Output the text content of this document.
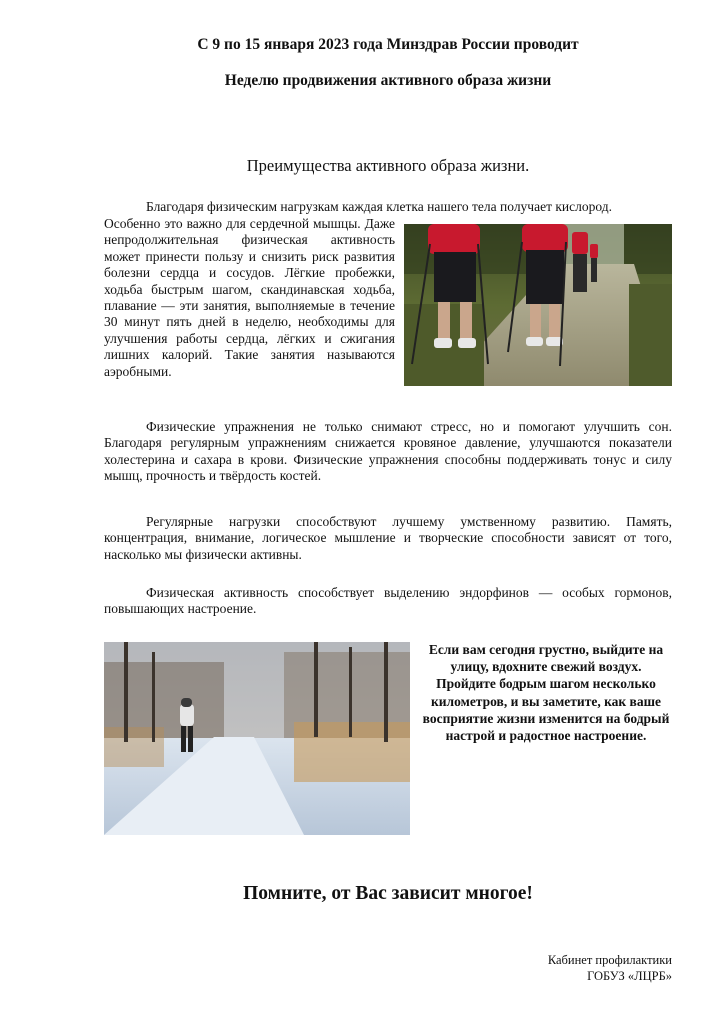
С 9 по 15 января 2023 года Минздрав России проводит
Неделю продвижения активного образа жизни
Преимущества активного образа жизни.

Благодаря физическим нагрузкам каждая клетка нашего тела получает кислород.

Особенно это важно для сердечной мышцы. Даже непродолжительная физическая активность может принести пользу и снизить риск развития болезни сердца и сосудов. Лёгкие пробежки, ходьба быстрым шагом, скандинавская ходьба, плавание — эти занятия, выполняемые в течение 30 минут пять дней в неделю, необходимы для улучшения работы сердца, лёгких и сжигания лишних калорий. Такие занятия называются аэробными.

Физические упражнения не только снимают стресс, но и помогают улучшить сон. Благодаря регулярным упражнениям снижается кровяное давление, улучшаются показатели холестерина и сахара в крови. Физические упражнения способны поддерживать тонус и силу мышц, прочность и твёрдость костей.

Регулярные нагрузки способствуют лучшему умственному развитию. Память, концентрация, внимание, логическое мышление и творческие способности зависят от того, насколько мы физически активны.

Физическая активность способствует выделению эндорфинов — особых гормонов, повышающих настроение.

Если вам сегодня грустно, выйдите на улицу, вдохните свежий воздух. Пройдите бодрым шагом несколько километров, и вы заметите, как ваше восприятие жизни изменится на бодрый настрой и радостное настроение.
Помните, от Вас зависит многое!
Кабинет профилактики
ГОБУЗ «ЛЦРБ»
